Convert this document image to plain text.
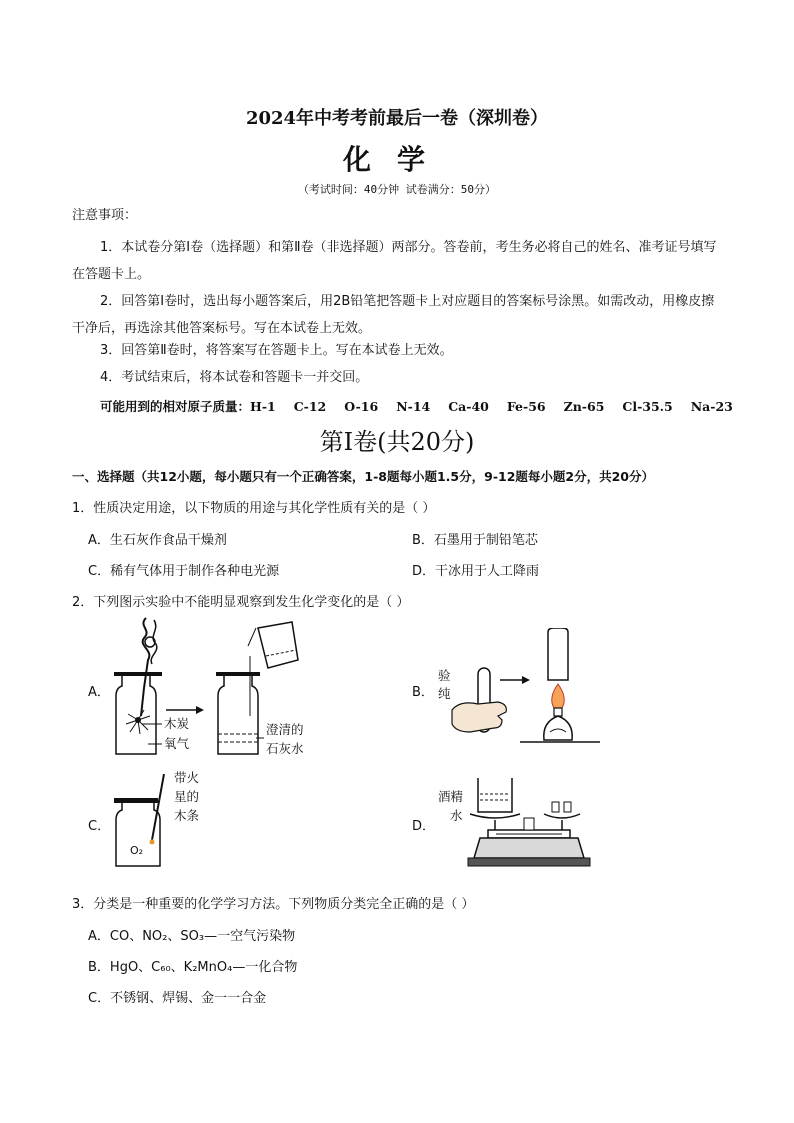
2024年中考考前最后一卷（深圳卷）
化学
（考试时间：40分钟 试卷满分：50分）
注意事项：
1．本试卷分第Ⅰ卷（选择题）和第Ⅱ卷（非选择题）两部分。答卷前，考生务必将自己的姓名、准考证号填写在答题卡上。
2．回答第Ⅰ卷时，选出每小题答案后，用2B铅笔把答题卡上对应题目的答案标号涂黑。如需改动，用橡皮擦干净后，再选涂其他答案标号。写在本试卷上无效。
3．回答第Ⅱ卷时，将答案写在答题卡上。写在本试卷上无效。
4．考试结束后，将本试卷和答题卡一并交回。
可能用到的相对原子质量：H-1 C-12 O-16 N-14 Ca-40 Fe-56 Zn-65 Cl-35.5 Na-23
第Ⅰ卷(共20分)
一、选择题（共12小题，每小题只有一个正确答案，1-8题每小题1.5分，9-12题每小题2分，共20分）
1．性质决定用途，以下物质的用途与其化学性质有关的是（ ）
A．生石灰作食品干燥剂	B．石墨用于制铅笔芯
C．稀有气体用于制作各种电光源	D．干冰用于人工降雨
2．下列图示实验中不能明显观察到发生化学变化的是（ ）
A．
木炭
氧气
澄清的
石灰水
B．
验
纯
C．
O₂
带火
星的
木条
D．
酒精
水
3．分类是一种重要的化学学习方法。下列物质分类完全正确的是（ ）
A．CO、NO₂、SO₃—一空气污染物
B．HgO、C₆₀、K₂MnO₄—一化合物
C．不锈钢、焊锡、金一一合金
